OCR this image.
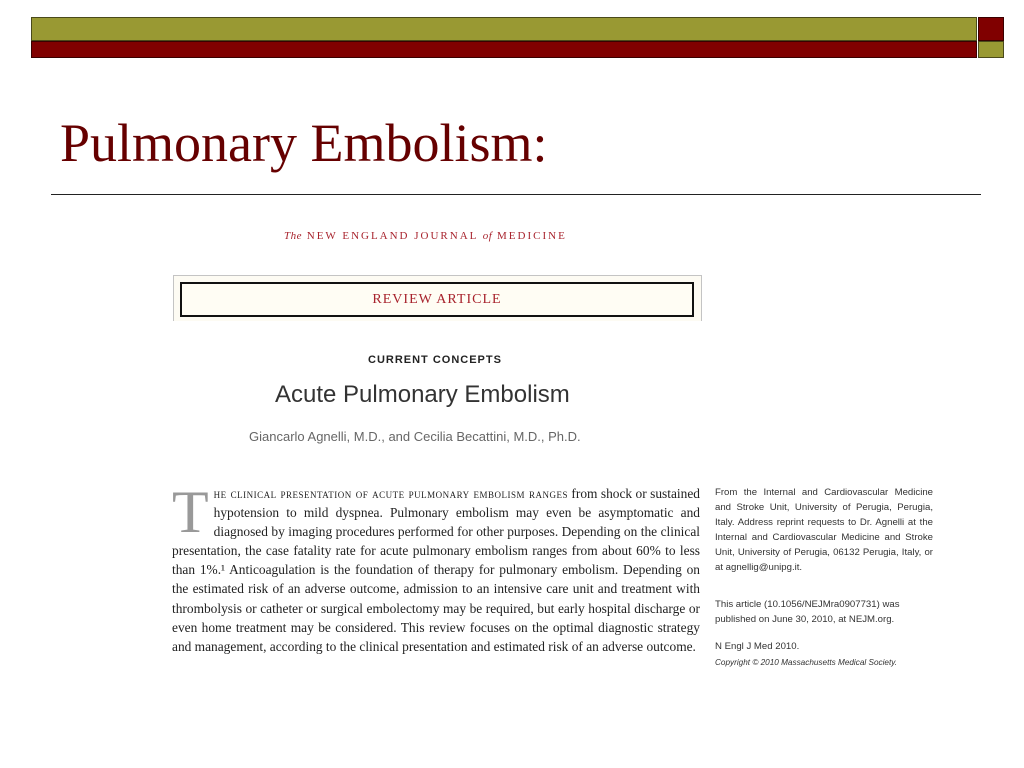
Pulmonary Embolism:
The NEW ENGLAND JOURNAL of MEDICINE
REVIEW ARTICLE
CURRENT CONCEPTS
Acute Pulmonary Embolism
Giancarlo Agnelli, M.D., and Cecilia Becattini, M.D., Ph.D.
T he clinical presentation of acute pulmonary embolism ranges from shock or sustained hypotension to mild dyspnea. Pulmonary embolism may even be asymptomatic and diagnosed by imaging procedures performed for other purposes. Depending on the clinical presentation, the case fatality rate for acute pulmonary embolism ranges from about 60% to less than 1%.¹ Anticoagulation is the foundation of therapy for pulmonary embolism. Depending on the estimated risk of an adverse outcome, admission to an intensive care unit and treatment with thrombolysis or catheter or surgical embolectomy may be required, but early hospital discharge or even home treatment may be considered. This review focuses on the optimal diagnostic strategy and management, according to the clinical presentation and estimated risk of an adverse outcome.

From the Internal and Cardiovascular Medicine and Stroke Unit, University of Perugia, Perugia, Italy. Address reprint requests to Dr. Agnelli at the Internal and Cardiovascular Medicine and Stroke Unit, University of Perugia, 06132 Perugia, Italy, or at agnellig@unipg.it.
This article (10.1056/NEJMra0907731) was published on June 30, 2010, at NEJM.org.
N Engl J Med 2010.
Copyright © 2010 Massachusetts Medical Society.
